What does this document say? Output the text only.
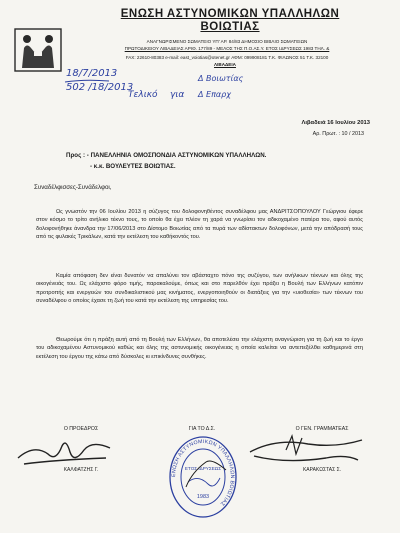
ΕΝΩΣΗ ΑΣΤΥΝΟΜΙΚΩΝ ΥΠΑΛΛΗΛΩΝ
ΒΟΙΩΤΙΑΣ
ΑΝΑΓΝΩΡΙΣΜΕΝΟ ΣΩΜΑΤΕΙΟ ΥΠ' ΑΡ. 84/83 ΔΗΜΟΣΙΟ ΒΙΒΛΙΟ ΣΩΜΑΤΕΙΩΝ
ΠΡΩΤΟΔΙΚΕΙΟΥ ΛΙΒΑΔΕΙΑΣ ΑΡΙΘ. 177/89 - ΜΕΛΟΣ ΤΗΣ Π.Ο.ΑΣ.Υ. ΕΤΟΣ ΙΔΡΥΣΕΩΣ 1983 ΤΗΛ. &
FAX: 22610-80383 e-mail: east_voiotias@otenet.gr ΑΦΜ: 099908181 Τ.Κ. ΦΙΛΩΝΟΣ 51 Τ.Κ. 32100
ΛΙΒΑΔΕΙΑ
18/7/2013
502 /18/2013
Τελικό για
Δ Βοιωτίας
Δ Επαρχ
Λιβαδειά 16 Ιουλίου 2013
Αρ. Πρωτ. : 10 / 2013
Προς : - ΠΑΝΕΛΛΗΝΙΑ ΟΜΟΣΠΟΝΔΙΑ ΑΣΤΥΝΟΜΙΚΩΝ ΥΠΑΛΛΗΛΩΝ.
- κ.κ. ΒΟΥΛΕΥΤΕΣ ΒΟΙΩΤΙΑΣ.
Συναδέλφισσες-Συνάδελφοι,
Ως γνωστόν την 06 Ιουλίου 2013 η σύζυγος του δολοφονηθέντος συναδέλφου μας ΑΝΔΡΙΤΣΟΠΟΥΛΟΥ Γεώργιου έφερε στον κόσμο το τρίτο ανήλικο τέκνο τους, το οποίο θα έχει πλέον τη χαρά να γνωρίσει τον αδικοχαμένο πατέρα του, αφού αυτός δολοφονήθηκε άνανδρα την 17/06/2013 στο Δίστομο Βοιωτίας από τα πυρά των αδίστακτων δολοφόνων, μετά την απόδρασή τους από τις φυλακές Τρικάλων, κατά την εκτέλεση του καθήκοντός του.
Καμία απόφαση δεν είναι δυνατόν να απαλύνει τον αβάσταχτο πόνο της συζύγου, των ανήλικων τέκνων και όλης της οικογένειάς του. Ως ελάχιστο φόρο τιμής, παρακαλούμε, όπως και στο παρελθόν έχει πράξει η Βουλή των Ελλήνων κατόπιν προτροπής και ενεργειών του συνδικαλιστικού μας κινήματος, ενεργοποιηθούν οι διατάξεις για την «υιοθεσία» των τέκνων του συναδέλφου ο οποίος έχασε τη ζωή του κατά την εκτέλεση της υπηρεσίας του.
Θεωρούμε ότι η πράξη αυτή από τη Βουλή των Ελλήνων, θα αποτελέσει την ελάχιστη αναγνώριση για τη ζωή και το έργο του αδικοχαμένου Αστυνομικού καθώς και όλης της αστυνομικής οικογένειας η οποία καλείται να αντεπεξέλθει καθημερινά στη εκτέλεση του έργου της κάτω από δύσκολες κι επικίνδυνες συνθήκες.
Ο ΠΡΟΕΔΡΟΣ
ΚΑΛΦΑΤΖΗΣ Γ.
ΓΙΑ ΤΟ Δ.Σ.	Ο ΓΕΝ. ΓΡΑΜΜΑΤΕΑΣ
ΚΑΡΑΚΩΣΤΑΣ Σ.
ΕΝΩΣΗ ΑΣΤΥΝΟΜΙΚΩΝ ΥΠΑΛΛΗΛΩΝ ΒΟΙΩΤΙΑΣ
ΕΤΟΣ ΙΔΡΥΣΕΩΣ
1983
